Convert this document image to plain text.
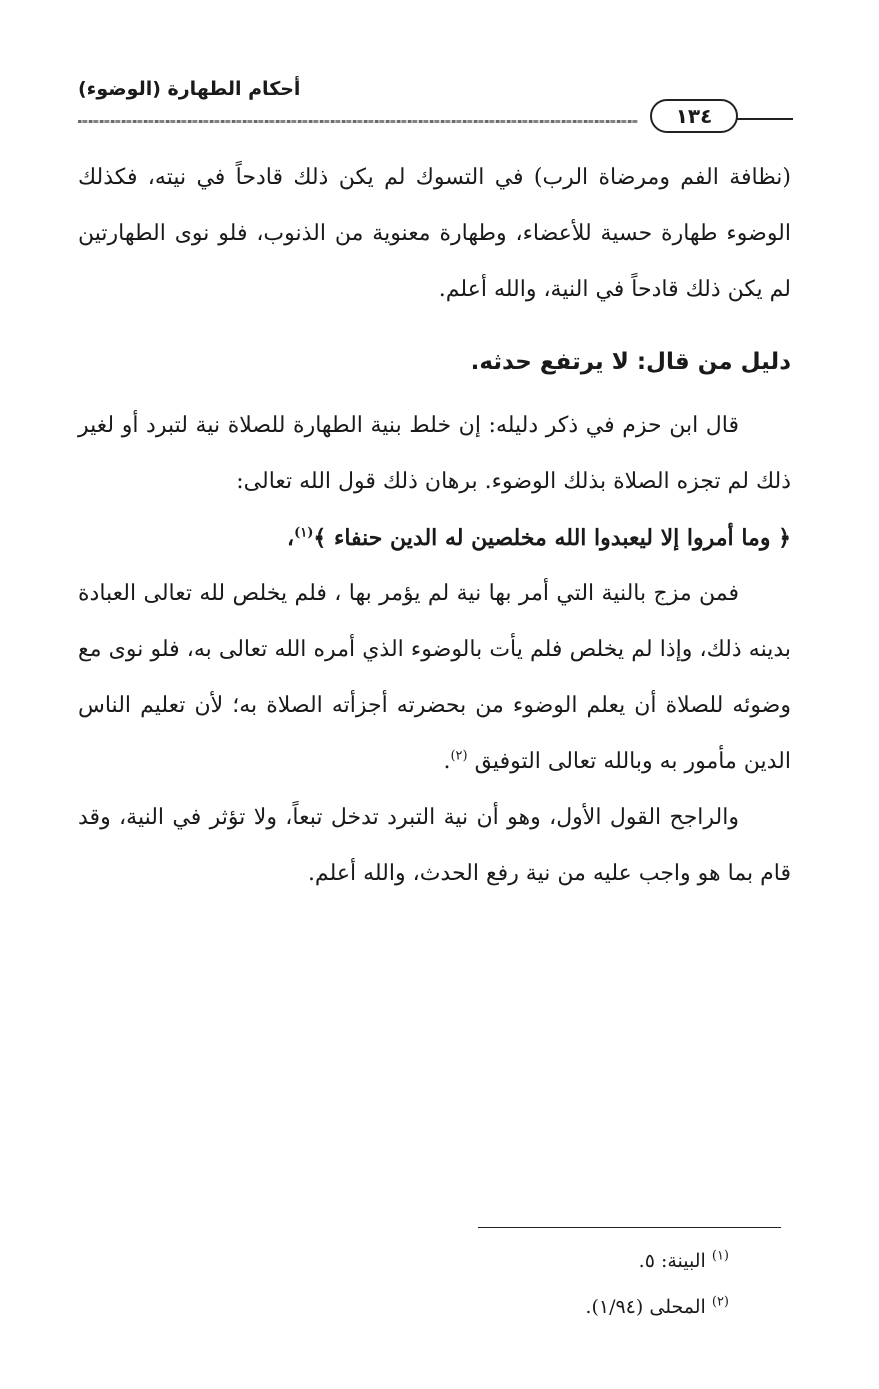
أحكام الطهارة (الوضوء)
١٣٤

(نظافة الفم ومرضاة الرب) في التسوك لم يكن ذلك قادحاً في نيته، فكذلك الوضوء طهارة حسية للأعضاء، وطهارة معنوية من الذنوب، فلو نوى الطهارتين لم يكن ذلك قادحاً في النية، والله أعلم.

دليل من قال: لا يرتفع حدثه.

قال ابن حزم في ذكر دليله: إن خلط بنية الطهارة للصلاة نية لتبرد أو لغير ذلك لم تجزه الصلاة بذلك الوضوء. برهان ذلك قول الله تعالى:

﴿ وما أمروا إلا ليعبدوا الله مخلصين له الدين حنفاء ﴾$^{(١)}$،

فمن مزج بالنية التي أمر بها نية لم يؤمر بها ، فلم يخلص لله تعالى العبادة بدينه ذلك، وإذا لم يخلص فلم يأت بالوضوء الذي أمره الله تعالى به، فلو نوى مع وضوئه للصلاة أن يعلم الوضوء من بحضرته أجزأته الصلاة به؛ لأن تعليم الناس الدين مأمور به وبالله تعالى التوفيق $^{(٢)}$.

والراجح القول الأول، وهو أن نية التبرد تدخل تبعاً، ولا تؤثر في النية، وقد قام بما هو واجب عليه من نية رفع الحدث، والله أعلم.

$^{(١)}$ البينة: ٥.

$^{(٢)}$ المحلى (١/٩٤).
